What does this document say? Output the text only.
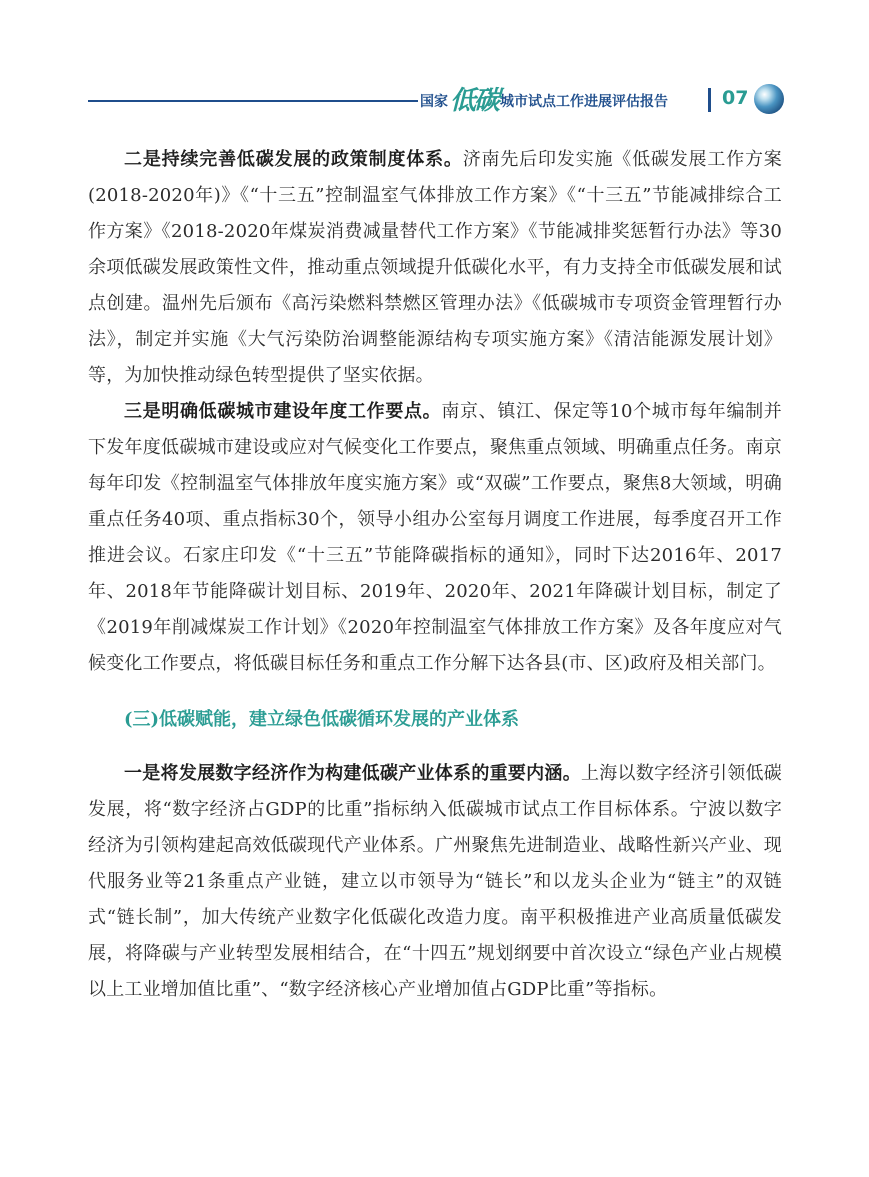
国家 低碳 城市试点工作进展评估报告	07

二是持续完善低碳发展的政策制度体系。济南先后印发实施《低碳发展工作方案(2018-2020年)》《“十三五”控制温室气体排放工作方案》《“十三五”节能减排综合工作方案》《2018-2020年煤炭消费减量替代工作方案》《节能减排奖惩暂行办法》等30余项低碳发展政策性文件，推动重点领域提升低碳化水平，有力支持全市低碳发展和试点创建。温州先后颁布《高污染燃料禁燃区管理办法》《低碳城市专项资金管理暂行办法》，制定并实施《大气污染防治调整能源结构专项实施方案》《清洁能源发展计划》等，为加快推动绿色转型提供了坚实依据。

三是明确低碳城市建设年度工作要点。南京、镇江、保定等10个城市每年编制并下发年度低碳城市建设或应对气候变化工作要点，聚焦重点领域、明确重点任务。南京每年印发《控制温室气体排放年度实施方案》或“双碳”工作要点，聚焦8大领域，明确重点任务40项、重点指标30个，领导小组办公室每月调度工作进展，每季度召开工作推进会议。石家庄印发《“十三五”节能降碳指标的通知》，同时下达2016年、2017年、2018年节能降碳计划目标、2019年、2020年、2021年降碳计划目标，制定了《2019年削减煤炭工作计划》《2020年控制温室气体排放工作方案》及各年度应对气候变化工作要点，将低碳目标任务和重点工作分解下达各县(市、区)政府及相关部门。

(三)低碳赋能，建立绿色低碳循环发展的产业体系

一是将发展数字经济作为构建低碳产业体系的重要内涵。上海以数字经济引领低碳发展，将“数字经济占GDP的比重”指标纳入低碳城市试点工作目标体系。宁波以数字经济为引领构建起高效低碳现代产业体系。广州聚焦先进制造业、战略性新兴产业、现代服务业等21条重点产业链，建立以市领导为“链长”和以龙头企业为“链主”的双链式“链长制”，加大传统产业数字化低碳化改造力度。南平积极推进产业高质量低碳发展，将降碳与产业转型发展相结合，在“十四五”规划纲要中首次设立“绿色产业占规模以上工业增加值比重”、“数字经济核心产业增加值占GDP比重”等指标。
